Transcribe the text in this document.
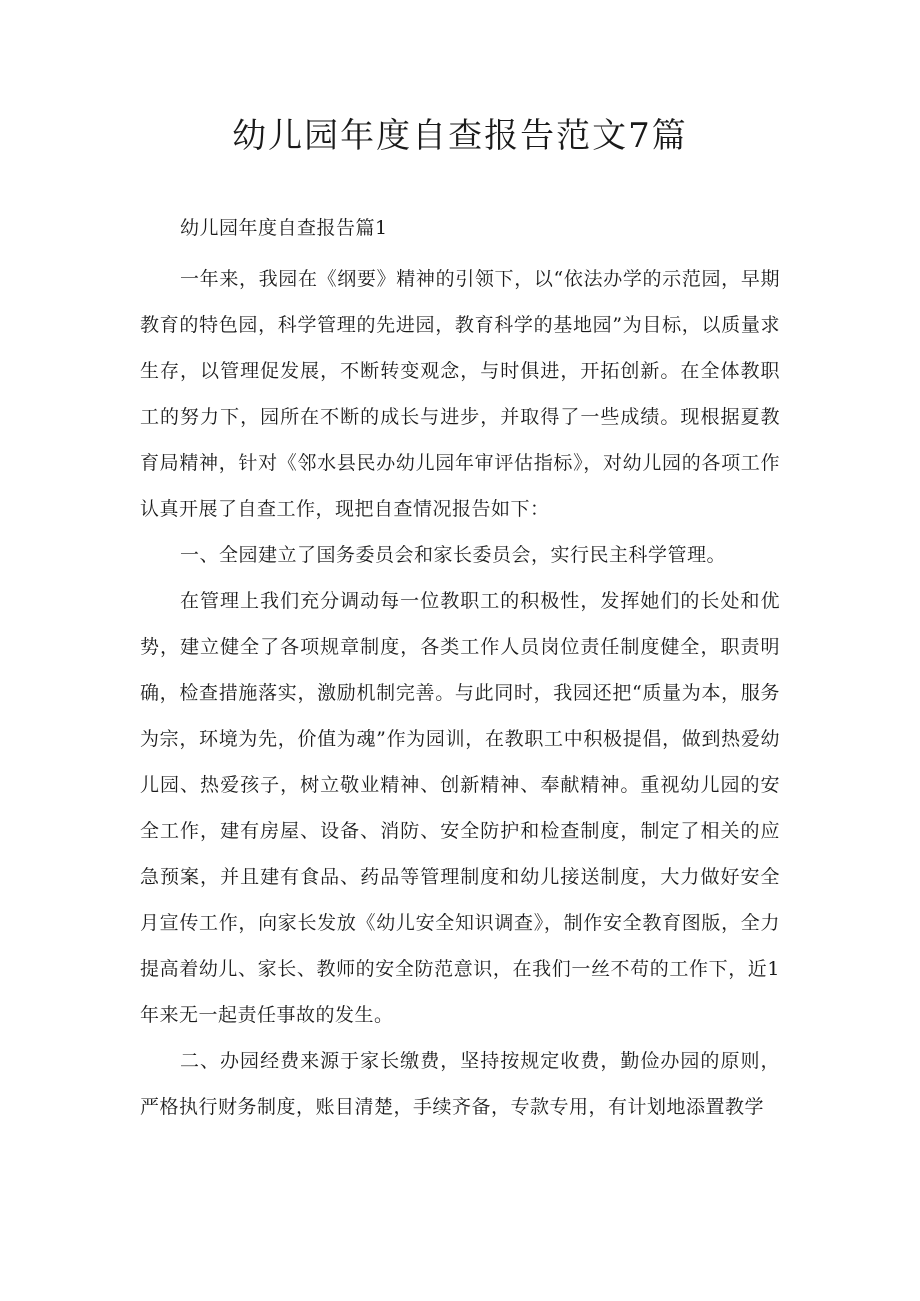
幼儿园年度自查报告范文7篇
幼儿园年度自查报告篇1

一年来，我园在《纲要》精神的引领下，以“依法办学的示范园，早期教育的特色园，科学管理的先进园，教育科学的基地园”为目标，以质量求生存，以管理促发展，不断转变观念，与时俱进，开拓创新。在全体教职工的努力下，园所在不断的成长与进步，并取得了一些成绩。现根据夏教育局精神，针对《邻水县民办幼儿园年审评估指标》，对幼儿园的各项工作认真开展了自查工作，现把自查情况报告如下：

一、全园建立了国务委员会和家长委员会，实行民主科学管理。

在管理上我们充分调动每一位教职工的积极性，发挥她们的长处和优势，建立健全了各项规章制度，各类工作人员岗位责任制度健全，职责明确，检查措施落实，激励机制完善。与此同时，我园还把“质量为本，服务为宗，环境为先，价值为魂”作为园训，在教职工中积极提倡，做到热爱幼儿园、热爱孩子，树立敬业精神、创新精神、奉献精神。重视幼儿园的安全工作，建有房屋、设备、消防、安全防护和检查制度，制定了相关的应急预案，并且建有食品、药品等管理制度和幼儿接送制度，大力做好安全月宣传工作，向家长发放《幼儿安全知识调查》，制作安全教育图版，全力提高着幼儿、家长、教师的安全防范意识，在我们一丝不苟的工作下，近1年来无一起责任事故的发生。

二、办园经费来源于家长缴费，坚持按规定收费，勤俭办园的原则，严格执行财务制度，账目清楚，手续齐备，专款专用，有计划地添置教学
